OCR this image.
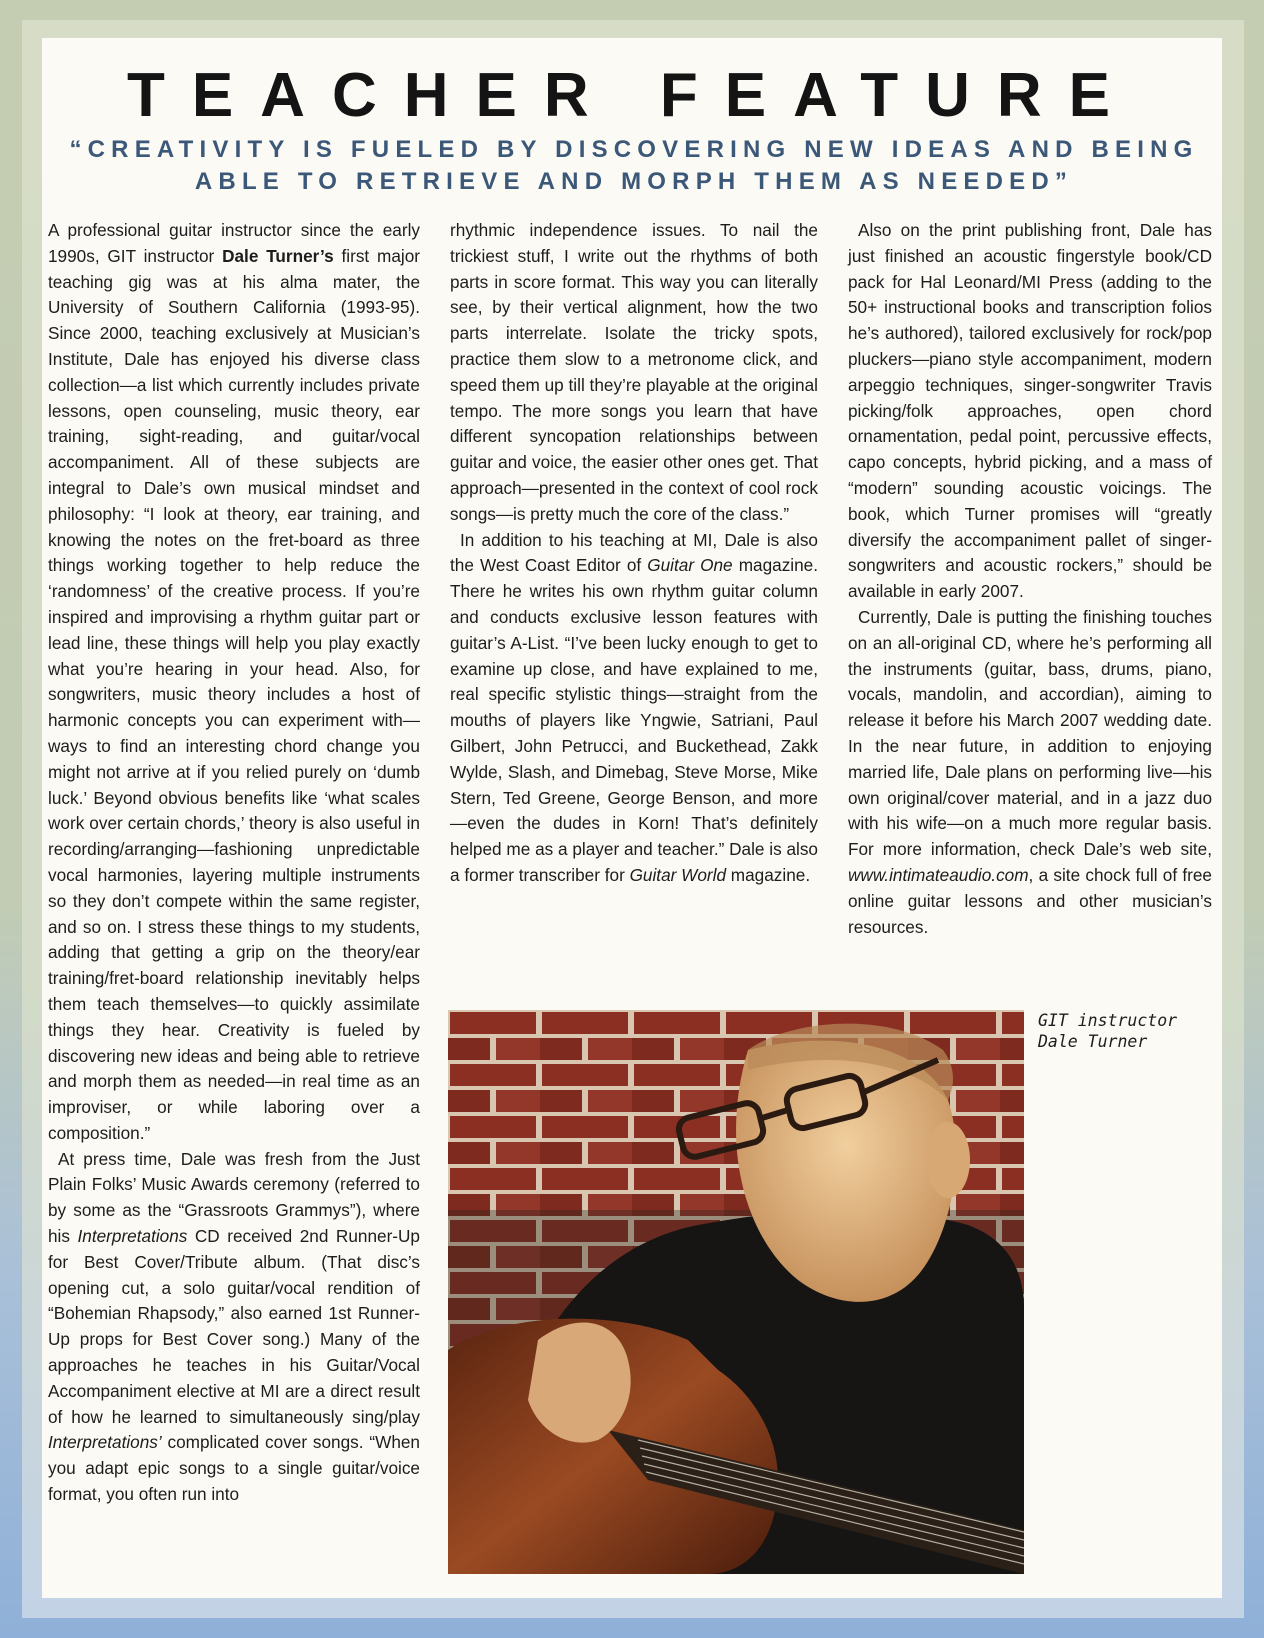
TEACHER FEATURE
“CREATIVITY IS FUELED BY DISCOVERING NEW IDEAS AND BEING ABLE TO RETRIEVE AND MORPH THEM AS NEEDED”

A professional guitar instructor since the early 1990s, GIT instructor Dale Turner’s first major teaching gig was at his alma mater, the University of Southern California (1993-95). Since 2000, teaching exclusively at Musician’s Institute, Dale has enjoyed his diverse class collection—a list which currently includes private lessons, open counseling, music theory, ear training, sight-reading, and guitar/vocal accompaniment. All of these subjects are integral to Dale’s own musical mindset and philosophy: “I look at theory, ear training, and knowing the notes on the fret-board as three things working together to help reduce the ‘randomness’ of the creative process. If you’re inspired and improvising a rhythm guitar part or lead line, these things will help you play exactly what you’re hearing in your head. Also, for songwriters, music theory includes a host of harmonic concepts you can experiment with—ways to find an interesting chord change you might not arrive at if you relied purely on ‘dumb luck.’ Beyond obvious benefits like ‘what scales work over certain chords,’ theory is also useful in recording/arranging—fashioning unpredictable vocal harmonies, layering multiple instruments so they don’t compete within the same register, and so on. I stress these things to my students, adding that getting a grip on the theory/ear training/fret-board relationship inevitably helps them teach themselves—to quickly assimilate things they hear. Creativity is fueled by discovering new ideas and being able to retrieve and morph them as needed—in real time as an improviser, or while laboring over a composition.”

At press time, Dale was fresh from the Just Plain Folks’ Music Awards ceremony (referred to by some as the “Grassroots Grammys”), where his Interpretations CD received 2nd Runner-Up for Best Cover/Tribute album. (That disc’s opening cut, a solo guitar/vocal rendition of “Bohemian Rhapsody,” also earned 1st Runner-Up props for Best Cover song.) Many of the approaches he teaches in his Guitar/Vocal Accompaniment elective at MI are a direct result of how he learned to simultaneously sing/play Interpretations’ complicated cover songs. “When you adapt epic songs to a single guitar/voice format, you often run into

rhythmic independence issues. To nail the trickiest stuff, I write out the rhythms of both parts in score format. This way you can literally see, by their vertical alignment, how the two parts interrelate. Isolate the tricky spots, practice them slow to a metronome click, and speed them up till they’re playable at the original tempo. The more songs you learn that have different syncopation relationships between guitar and voice, the easier other ones get. That approach—presented in the context of cool rock songs—is pretty much the core of the class.”

In addition to his teaching at MI, Dale is also the West Coast Editor of Guitar One magazine. There he writes his own rhythm guitar column and conducts exclusive lesson features with guitar’s A-List. “I’ve been lucky enough to get to examine up close, and have explained to me, real specific stylistic things—straight from the mouths of players like Yngwie, Satriani, Paul Gilbert, John Petrucci, and Buckethead, Zakk Wylde, Slash, and Dimebag, Steve Morse, Mike Stern, Ted Greene, George Benson, and more—even the dudes in Korn! That’s definitely helped me as a player and teacher.” Dale is also a former transcriber for Guitar World magazine.

Also on the print publishing front, Dale has just finished an acoustic fingerstyle book/CD pack for Hal Leonard/MI Press (adding to the 50+ instructional books and transcription folios he’s authored), tailored exclusively for rock/pop pluckers—piano style accompaniment, modern arpeggio techniques, singer-songwriter Travis picking/folk approaches, open chord ornamentation, pedal point, percussive effects, capo concepts, hybrid picking, and a mass of “modern” sounding acoustic voicings. The book, which Turner promises will “greatly diversify the accompaniment pallet of singer-songwriters and acoustic rockers,” should be available in early 2007.

Currently, Dale is putting the finishing touches on an all-original CD, where he’s performing all the instruments (guitar, bass, drums, piano, vocals, mandolin, and accordian), aiming to release it before his March 2007 wedding date. In the near future, in addition to enjoying married life, Dale plans on performing live—his own original/cover material, and in a jazz duo with his wife—on a much more regular basis. For more information, check Dale’s web site, www.intimateaudio.com, a site chock full of free online guitar lessons and other musician’s resources.

GIT instructor
Dale Turner
